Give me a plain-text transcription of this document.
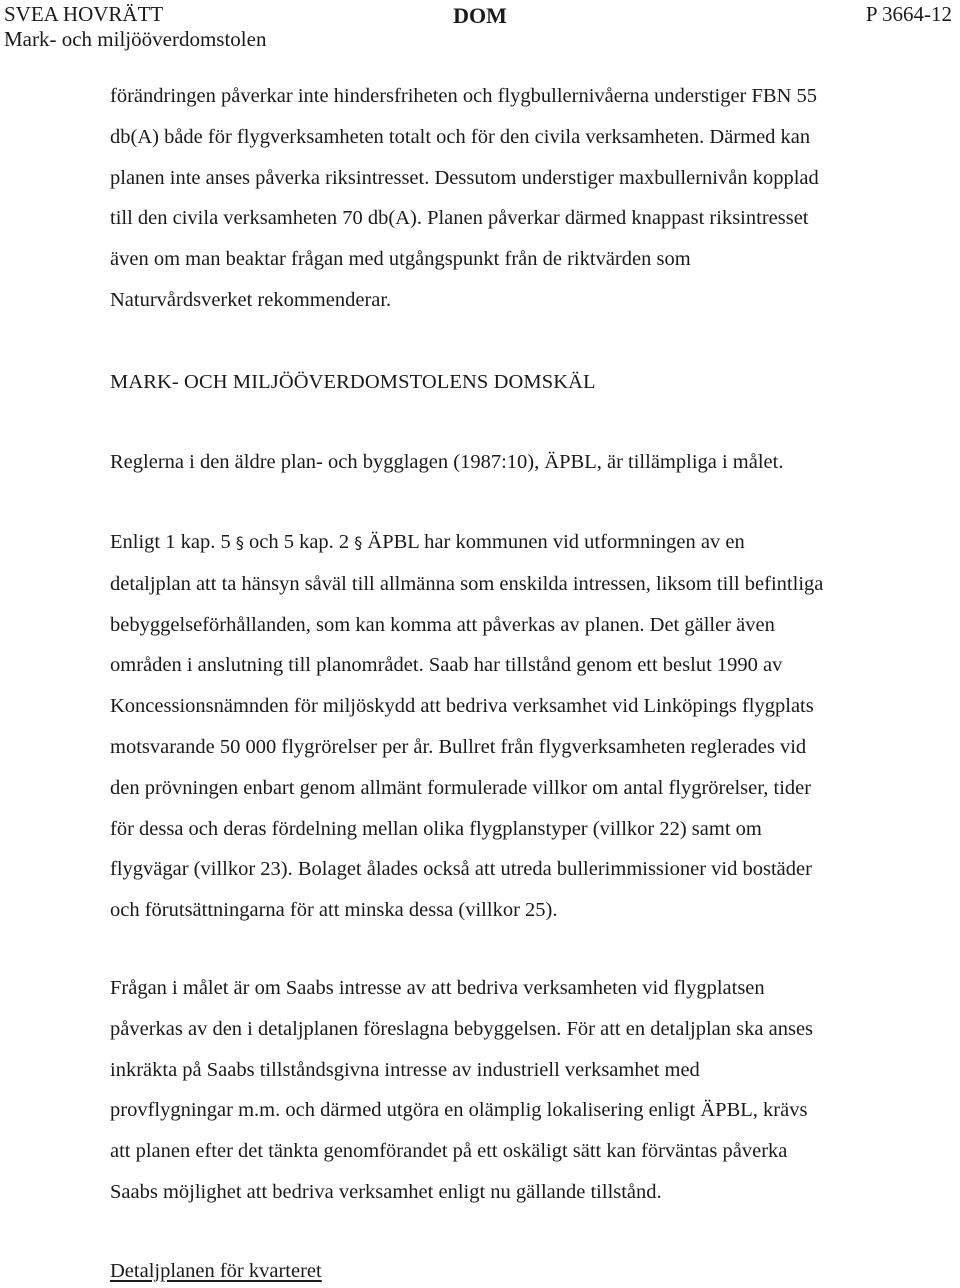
SVEA HOVRÄTT
Mark- och miljööverdomstolen
DOM	P 3664-12
förändringen påverkar inte hindersfriheten och flygbullernivåerna understiger FBN 55
db(A) både för flygverksamheten totalt och för den civila verksamheten. Därmed kan
planen inte anses påverka riksintresset. Dessutom understiger maxbullernivån kopplad
till den civila verksamheten 70 db(A). Planen påverkar därmed knappast riksintresset
även om man beaktar frågan med utgångspunkt från de riktvärden som
Naturvårdsverket rekommenderar.
MARK- OCH MILJÖÖVERDOMSTOLENS DOMSKÄL
Reglerna i den äldre plan- och bygglagen (1987:10), ÄPBL, är tillämpliga i målet.
Enligt 1 kap. 5 § och 5 kap. 2 § ÄPBL har kommunen vid utformningen av en
detaljplan att ta hänsyn såväl till allmänna som enskilda intressen, liksom till befintliga
bebyggelseförhållanden, som kan komma att påverkas av planen. Det gäller även
områden i anslutning till planområdet. Saab har tillstånd genom ett beslut 1990 av
Koncessionsnämnden för miljöskydd att bedriva verksamhet vid Linköpings flygplats
motsvarande 50 000 flygrörelser per år. Bullret från flygverksamheten reglerades vid
den prövningen enbart genom allmänt formulerade villkor om antal flygrörelser, tider
för dessa och deras fördelning mellan olika flygplanstyper (villkor 22) samt om
flygvägar (villkor 23). Bolaget ålades också att utreda bullerimmissioner vid bostäder
och förutsättningarna för att minska dessa (villkor 25).
Frågan i målet är om Saabs intresse av att bedriva verksamheten vid flygplatsen
påverkas av den i detaljplanen föreslagna bebyggelsen. För att en detaljplan ska anses
inkräkta på Saabs tillståndsgivna intresse av industriell verksamhet med
provflygningar m.m. och därmed utgöra en olämplig lokalisering enligt ÄPBL, krävs
att planen efter det tänkta genomförandet på ett oskäligt sätt kan förväntas påverka
Saabs möjlighet att bedriva verksamhet enligt nu gällande tillstånd.
Detaljplanen för kvarteret
